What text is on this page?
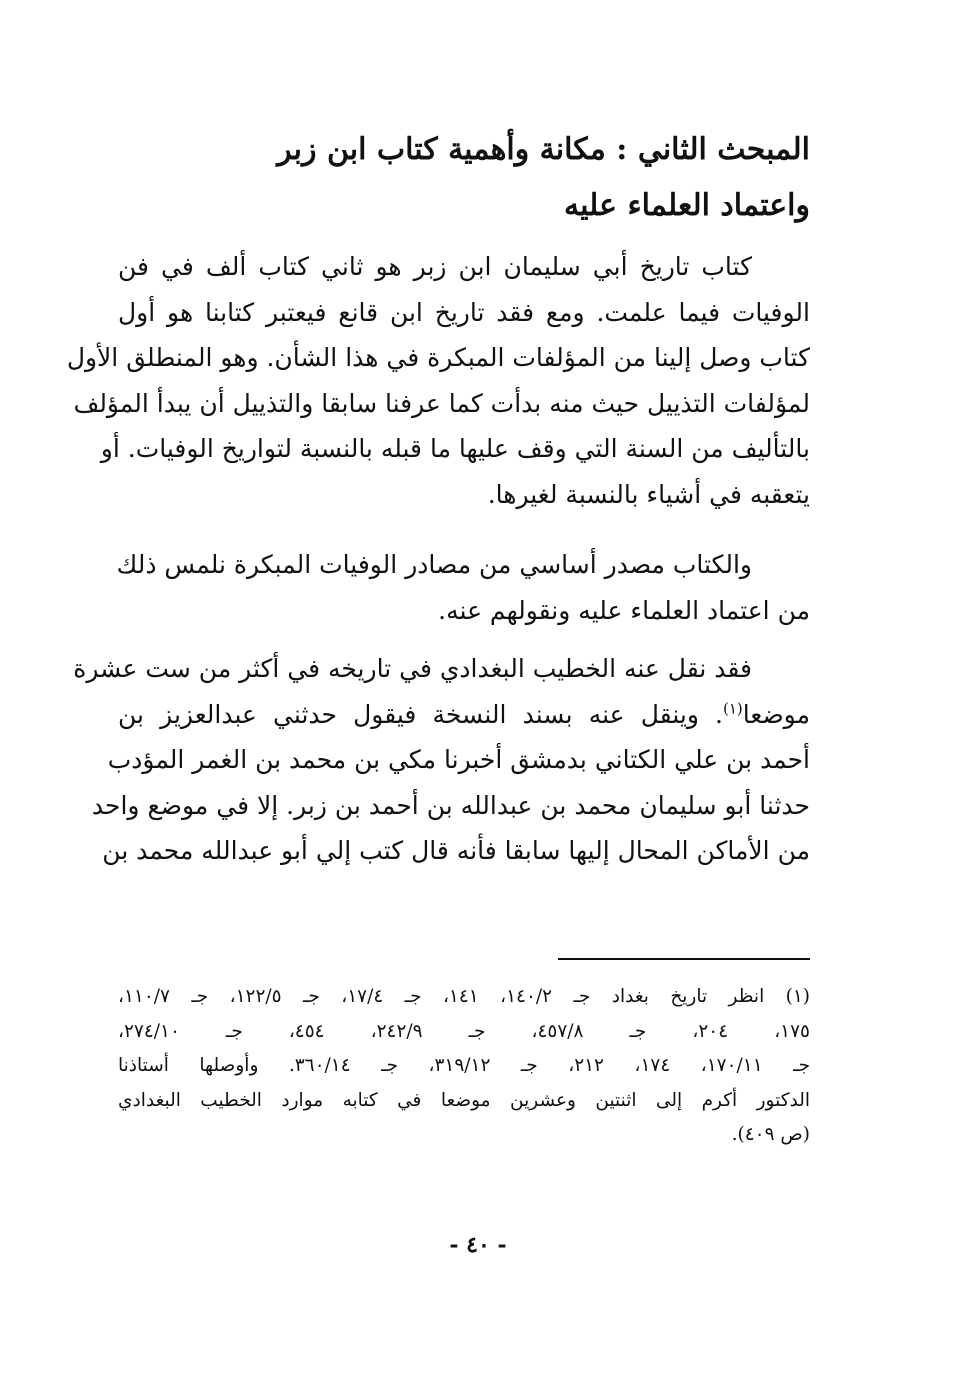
المبحث الثاني : مكانة وأهمية كتاب ابن زبر
واعتماد العلماء عليه
كتاب تاريخ أبي سليمان ابن زبر هو ثاني كتاب ألف في فن
الوفيات فيما علمت. ومع فقد تاريخ ابن قانع فيعتبر كتابنا هو أول
كتاب وصل إلينا من المؤلفات المبكرة في هذا الشأن. وهو المنطلق الأول
لمؤلفات التذييل حيث منه بدأت كما عرفنا سابقا والتذييل أن يبدأ المؤلف
بالتأليف من السنة التي وقف عليها ما قبله بالنسبة لتواريخ الوفيات. أو
يتعقبه في أشياء بالنسبة لغيرها.
والكتاب مصدر أساسي من مصادر الوفيات المبكرة نلمس ذلك
من اعتماد العلماء عليه ونقولهم عنه.
فقد نقل عنه الخطيب البغدادي في تاريخه في أكثر من ست عشرة
موضعا$^{(١)}$. وينقل عنه بسند النسخة فيقول حدثني عبدالعزيز بن
أحمد بن علي الكتاني بدمشق أخبرنا مكي بن محمد بن الغمر المؤدب
حدثنا أبو سليمان محمد بن عبدالله بن أحمد بن زبر. إلا في موضع واحد
من الأماكن المحال إليها سابقا فأنه قال كتب إلي أبو عبدالله محمد بن
(١) انظر تاريخ بغداد جـ ١٤٠/٢، ١٤١، جـ ١٧/٤، جـ ١٢٢/٥، جـ ١١٠/٧،
١٧٥، ٢٠٤، جـ ٤٥٧/٨، جـ ٢٤٢/٩، ٤٥٤، جـ ٢٧٤/١٠،
جـ ١٧٠/١١، ١٧٤، ٢١٢، جـ ٣١٩/١٢، جـ ٣٦٠/١٤. وأوصلها أستاذنا
الدكتور أكرم إلى اثنتين وعشرين موضعا في كتابه موارد الخطيب البغدادي
(ص ٤٠٩).
- ٤٠ -
